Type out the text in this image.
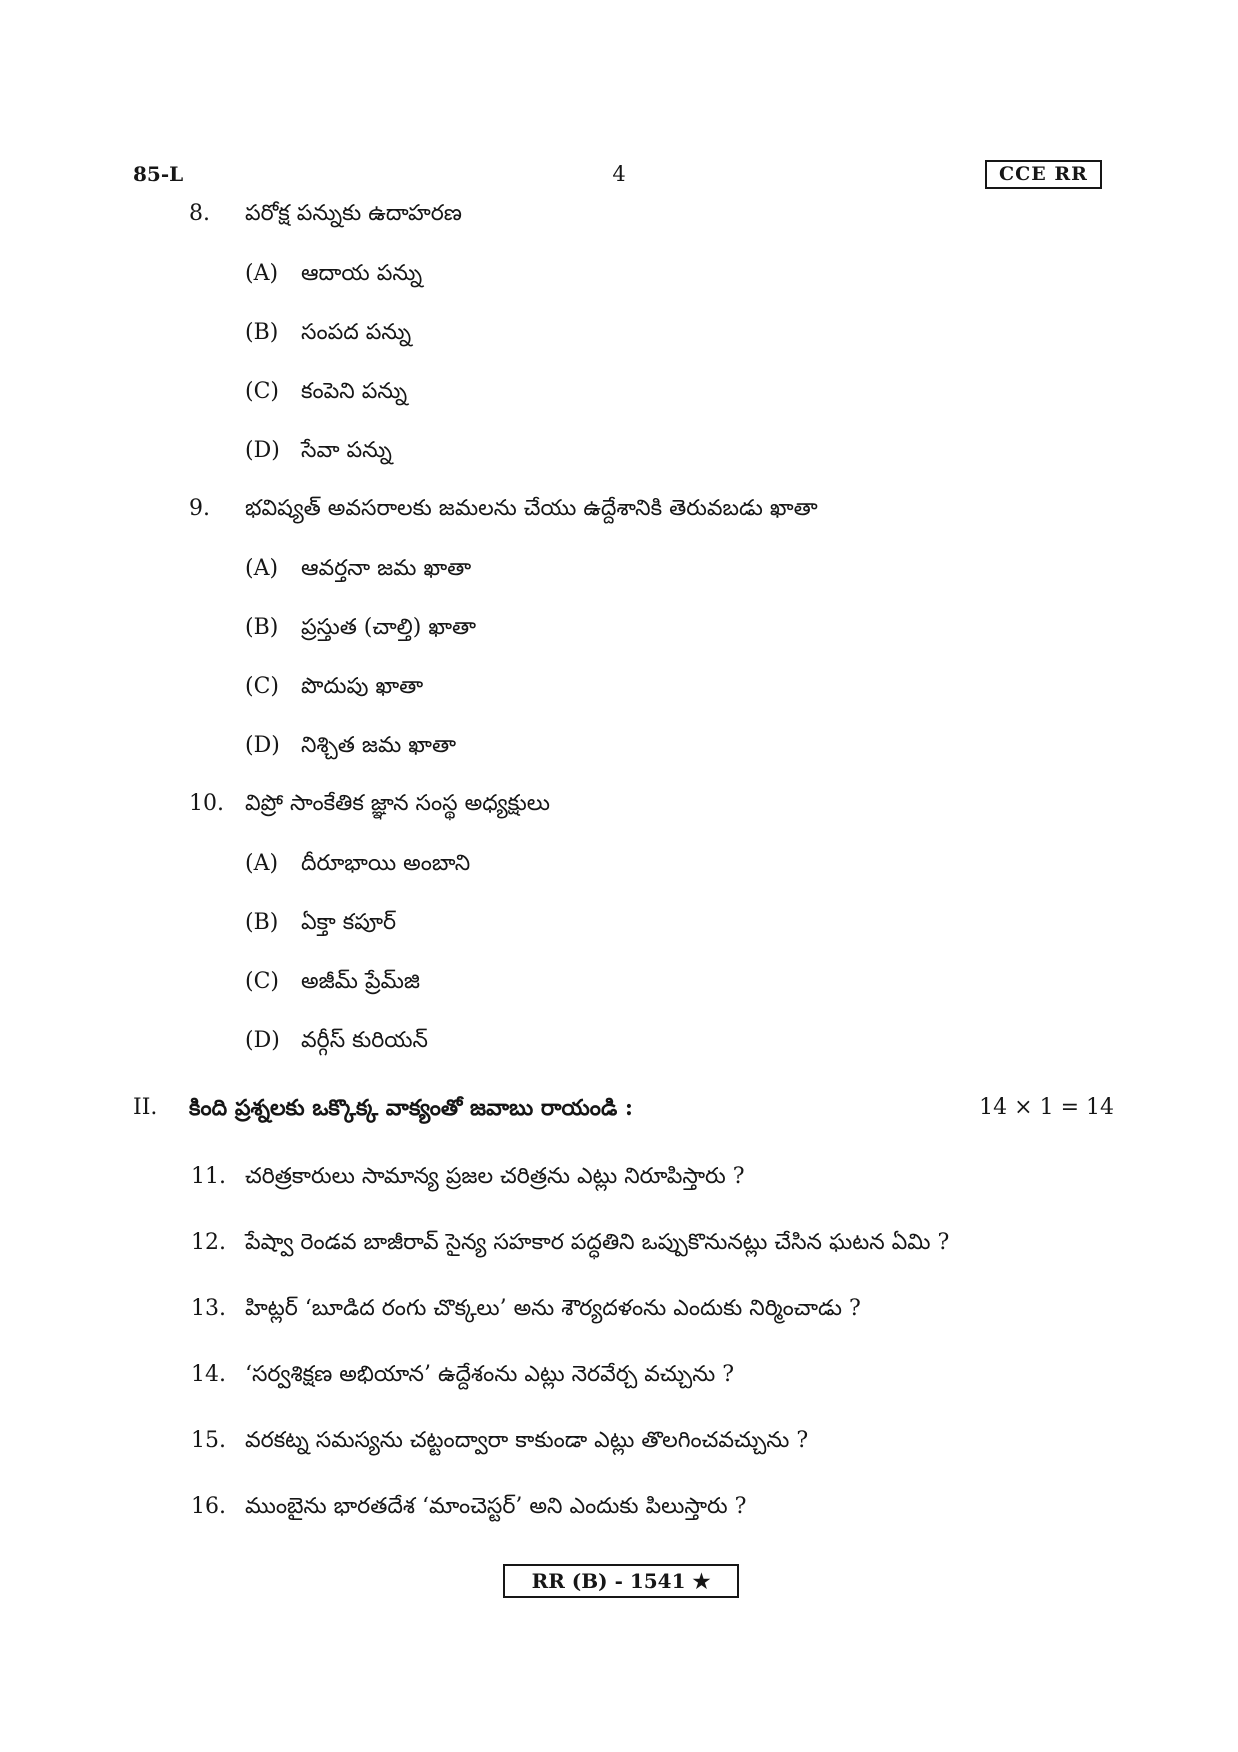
85-L	4	CCE RR
8.	పరోక్ష పన్నుకు ఉదాహరణ
(A)	ఆదాయ పన్ను
(B)	సంపద పన్ను
(C)	కంపెని పన్ను
(D) సేవా పన్ను
9.	భవిష్యత్ అవసరాలకు జమలను చేయు ఉద్దేశానికి తెరువబడు ఖాతా
(A)	ఆవర్తనా జమ ఖాతా
(B)	ప్రస్తుత (చాల్తి) ఖాతా
(C)	పొదుపు ఖాతా
(D) నిశ్చిత జమ ఖాతా
10. విప్రో సాంకేతిక జ్ఞాన సంస్థ అధ్యక్షులు
(A)	దీరూభాయి అంబాని
(B)	ఏక్తా కపూర్
(C)	అజీమ్ ప్రేమ్‌జి
(D) వర్గీస్ కురియన్
II.	కింది ప్రశ్నలకు ఒక్కొక్క వాక్యంతో జవాబు రాయండి :	14 × 1 = 14
11. చరిత్రకారులు సామాన్య ప్రజల చరిత్రను ఎట్లు నిరూపిస్తారు ?
12. పేష్వా రెండవ బాజీరావ్ సైన్య సహకార పద్ధతిని ఒప్పుకొనునట్లు చేసిన ఘటన ఏమి ?
13. హిట్లర్ ‘బూడిద రంగు చొక్కలు’ అను శౌర్యదళంను ఎందుకు నిర్మించాడు ?
14. ‘సర్వశిక్షణ అభియాన’ ఉద్దేశంను ఎట్లు నెరవేర్చ వచ్చును ?
15. వరకట్న సమస్యను చట్టంద్వారా కాకుండా ఎట్లు తొలగించవచ్చును ?
16. ముంబైను భారతదేశ ‘మాంచెస్టర్’ అని ఎందుకు పిలుస్తారు ?
RR (B) - 1541 ★
